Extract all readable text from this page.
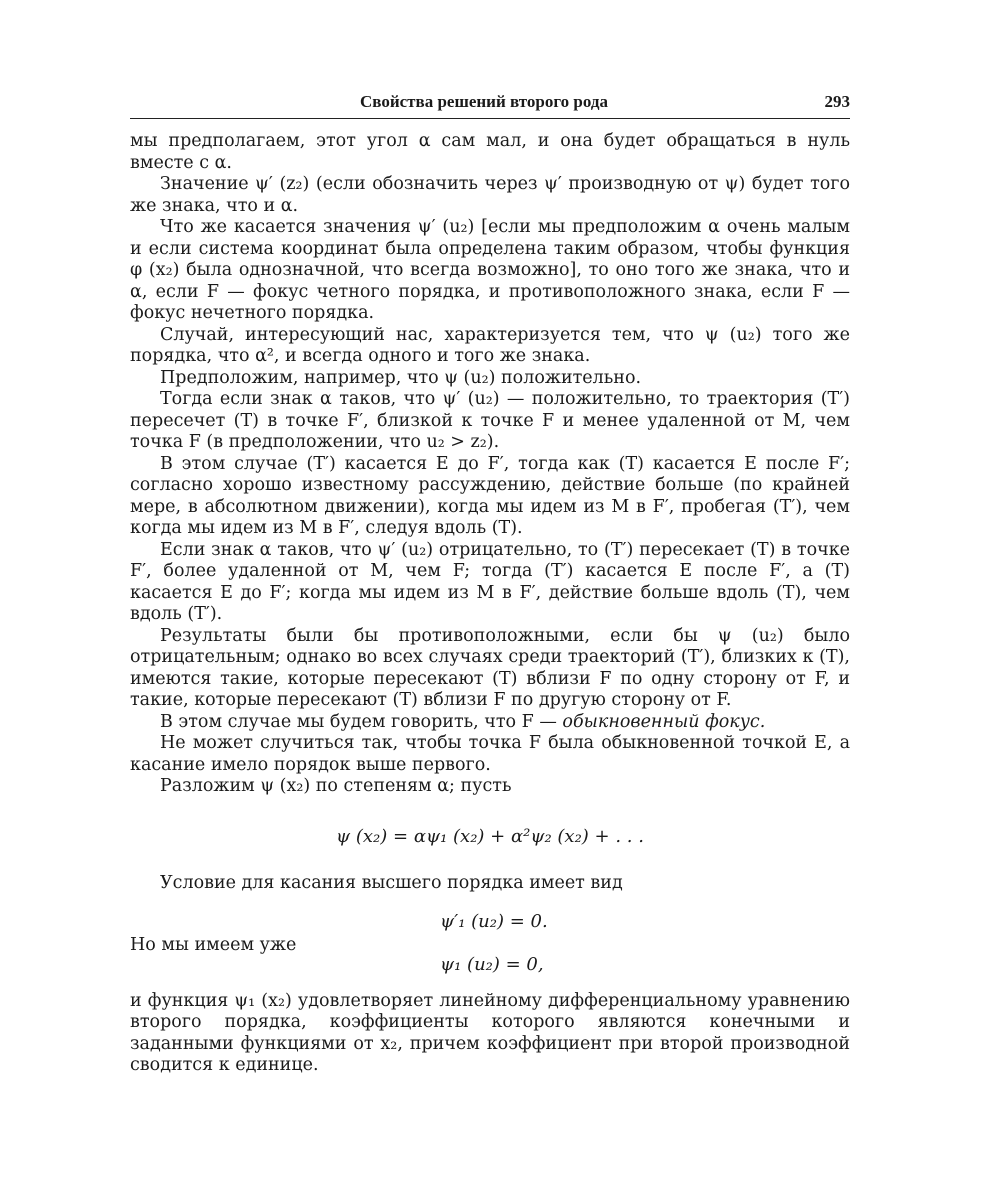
Свойства решений второго рода	293

мы предполагаем, этот угол α сам мал, и она будет обращаться в нуль вместе с α.

Значение ψ′ (z₂) (если обозначить через ψ′ производную от ψ) будет того же знака, что и α.

Что же касается значения ψ′ (u₂) [если мы предположим α очень малым и если система координат была определена таким образом, чтобы функция φ (x₂) была однозначной, что всегда возможно], то оно того же знака, что и α, если F — фокус четного порядка, и противоположного знака, если F — фокус нечетного порядка.

Случай, интересующий нас, характеризуется тем, что ψ (u₂) того же порядка, что α², и всегда одного и того же знака.

Предположим, например, что ψ (u₂) положительно.

Тогда если знак α таков, что ψ′ (u₂) — положительно, то траектория (T′) пересечет (T) в точке F′, близкой к точке F и менее удаленной от M, чем точка F (в предположении, что u₂ > z₂).

В этом случае (T′) касается E до F′, тогда как (T) касается E после F′; согласно хорошо известному рассуждению, действие больше (по крайней мере, в абсолютном движении), когда мы идем из M в F′, пробегая (T′), чем когда мы идем из M в F′, следуя вдоль (T).

Если знак α таков, что ψ′ (u₂) отрицательно, то (T′) пересекает (T) в точке F′, более удаленной от M, чем F; тогда (T′) касается E после F′, а (T) касается E до F′; когда мы идем из M в F′, действие больше вдоль (T), чем вдоль (T′).

Результаты были бы противоположными, если бы ψ (u₂) было отрицательным; однако во всех случаях среди траекторий (T′), близких к (T), имеются такие, которые пересекают (T) вблизи F по одну сторону от F, и такие, которые пересекают (T) вблизи F по другую сторону от F.

В этом случае мы будем говорить, что F — обыкновенный фокус.

Не может случиться так, чтобы точка F была обыкновенной точкой E, а касание имело порядок выше первого.

Разложим ψ (x₂) по степеням α; пусть

ψ (x₂) = αψ₁ (x₂) + α²ψ₂ (x₂) + . . .

Условие для касания высшего порядка имеет вид

ψ′₁ (u₂) = 0.
Но мы имеем уже
ψ₁ (u₂) = 0,

и функция ψ₁ (x₂) удовлетворяет линейному дифференциальному уравнению второго порядка, коэффициенты которого являются конечными и заданными функциями от x₂, причем коэффициент при второй производной сводится к единице.
